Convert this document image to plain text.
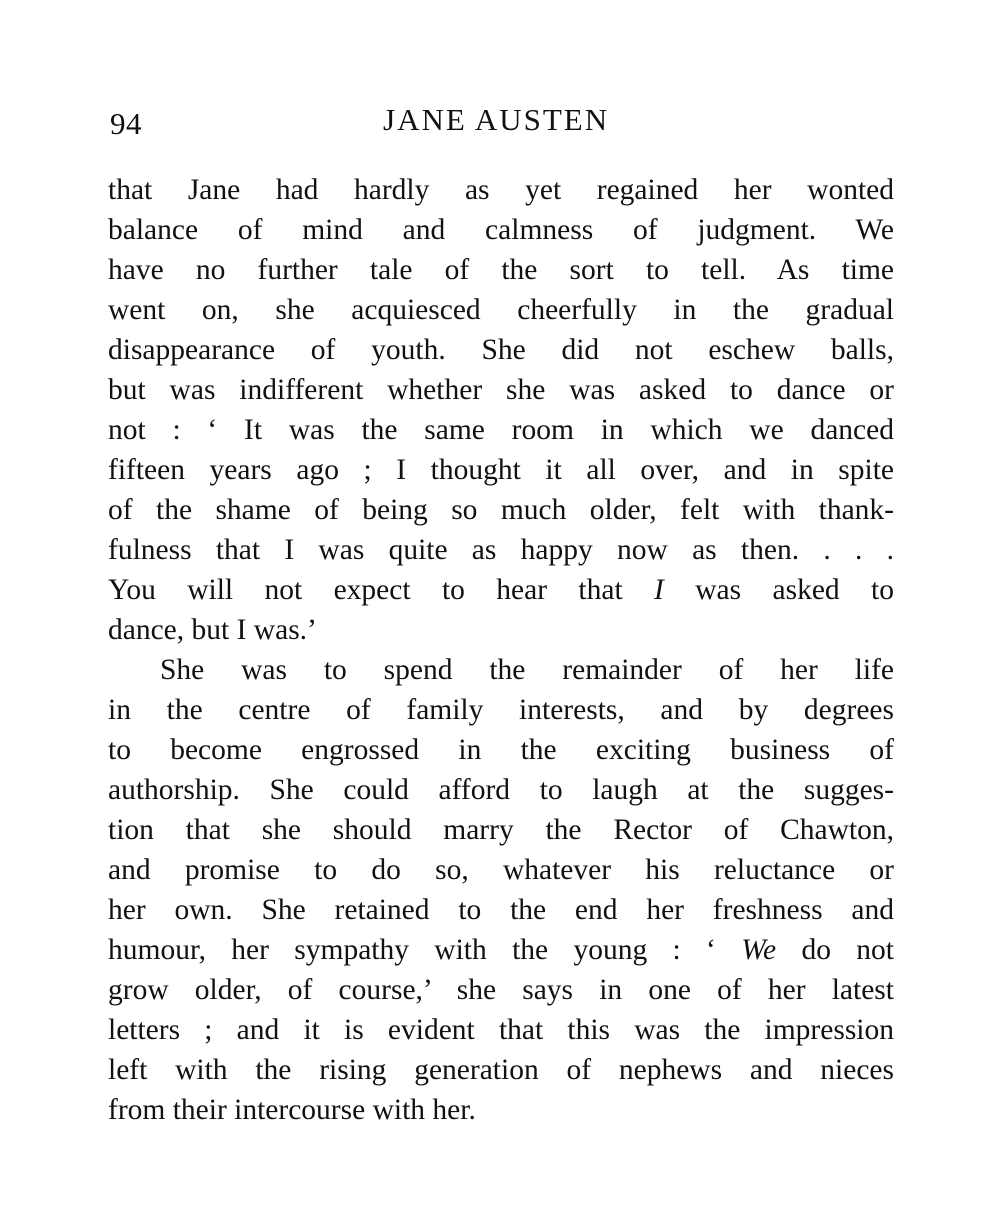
94	JANE AUSTEN
that Jane had hardly as yet regained her wonted
balance of mind and calmness of judgment. We
have no further tale of the sort to tell. As time
went on, she acquiesced cheerfully in the gradual
disappearance of youth. She did not eschew balls,
but was indifferent whether she was asked to dance or
not : ‘ It was the same room in which we danced
fifteen years ago ; I thought it all over, and in spite
of the shame of being so much older, felt with thank-
fulness that I was quite as happy now as then. . . .
You will not expect to hear that I was asked to
dance, but I was.’
She was to spend the remainder of her life
in the centre of family interests, and by degrees
to become engrossed in the exciting business of
authorship. She could afford to laugh at the sugges-
tion that she should marry the Rector of Chawton,
and promise to do so, whatever his reluctance or
her own. She retained to the end her freshness and
humour, her sympathy with the young : ‘ We do not
grow older, of course,’ she says in one of her latest
letters ; and it is evident that this was the impression
left with the rising generation of nephews and nieces
from their intercourse with her.
